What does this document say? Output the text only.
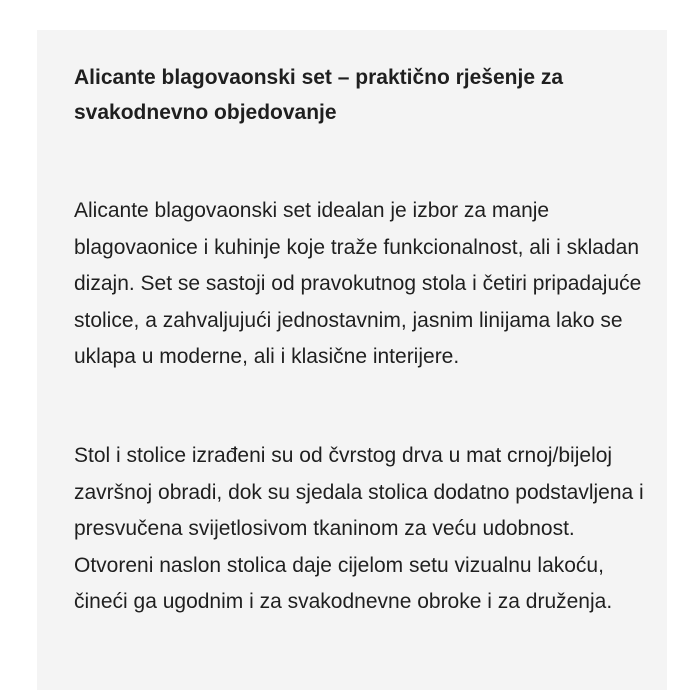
Alicante blagovaonski set – praktično rješenje za svakodnevno objedovanje

Alicante blagovaonski set idealan je izbor za manje blagovaonice i kuhinje koje traže funkcionalnost, ali i skladan dizajn. Set se sastoji od pravokutnog stola i četiri pripadajuće stolice, a zahvaljujući jednostavnim, jasnim linijama lako se uklapa u moderne, ali i klasične interijere.

Stol i stolice izrađeni su od čvrstog drva u mat crnoj/bijeloj završnoj obradi, dok su sjedala stolica dodatno podstavljena i presvučena svijetlosivom tkaninom za veću udobnost. Otvoreni naslon stolica daje cijelom setu vizualnu lakoću, čineći ga ugodnim i za svakodnevne obroke i za druženja.
